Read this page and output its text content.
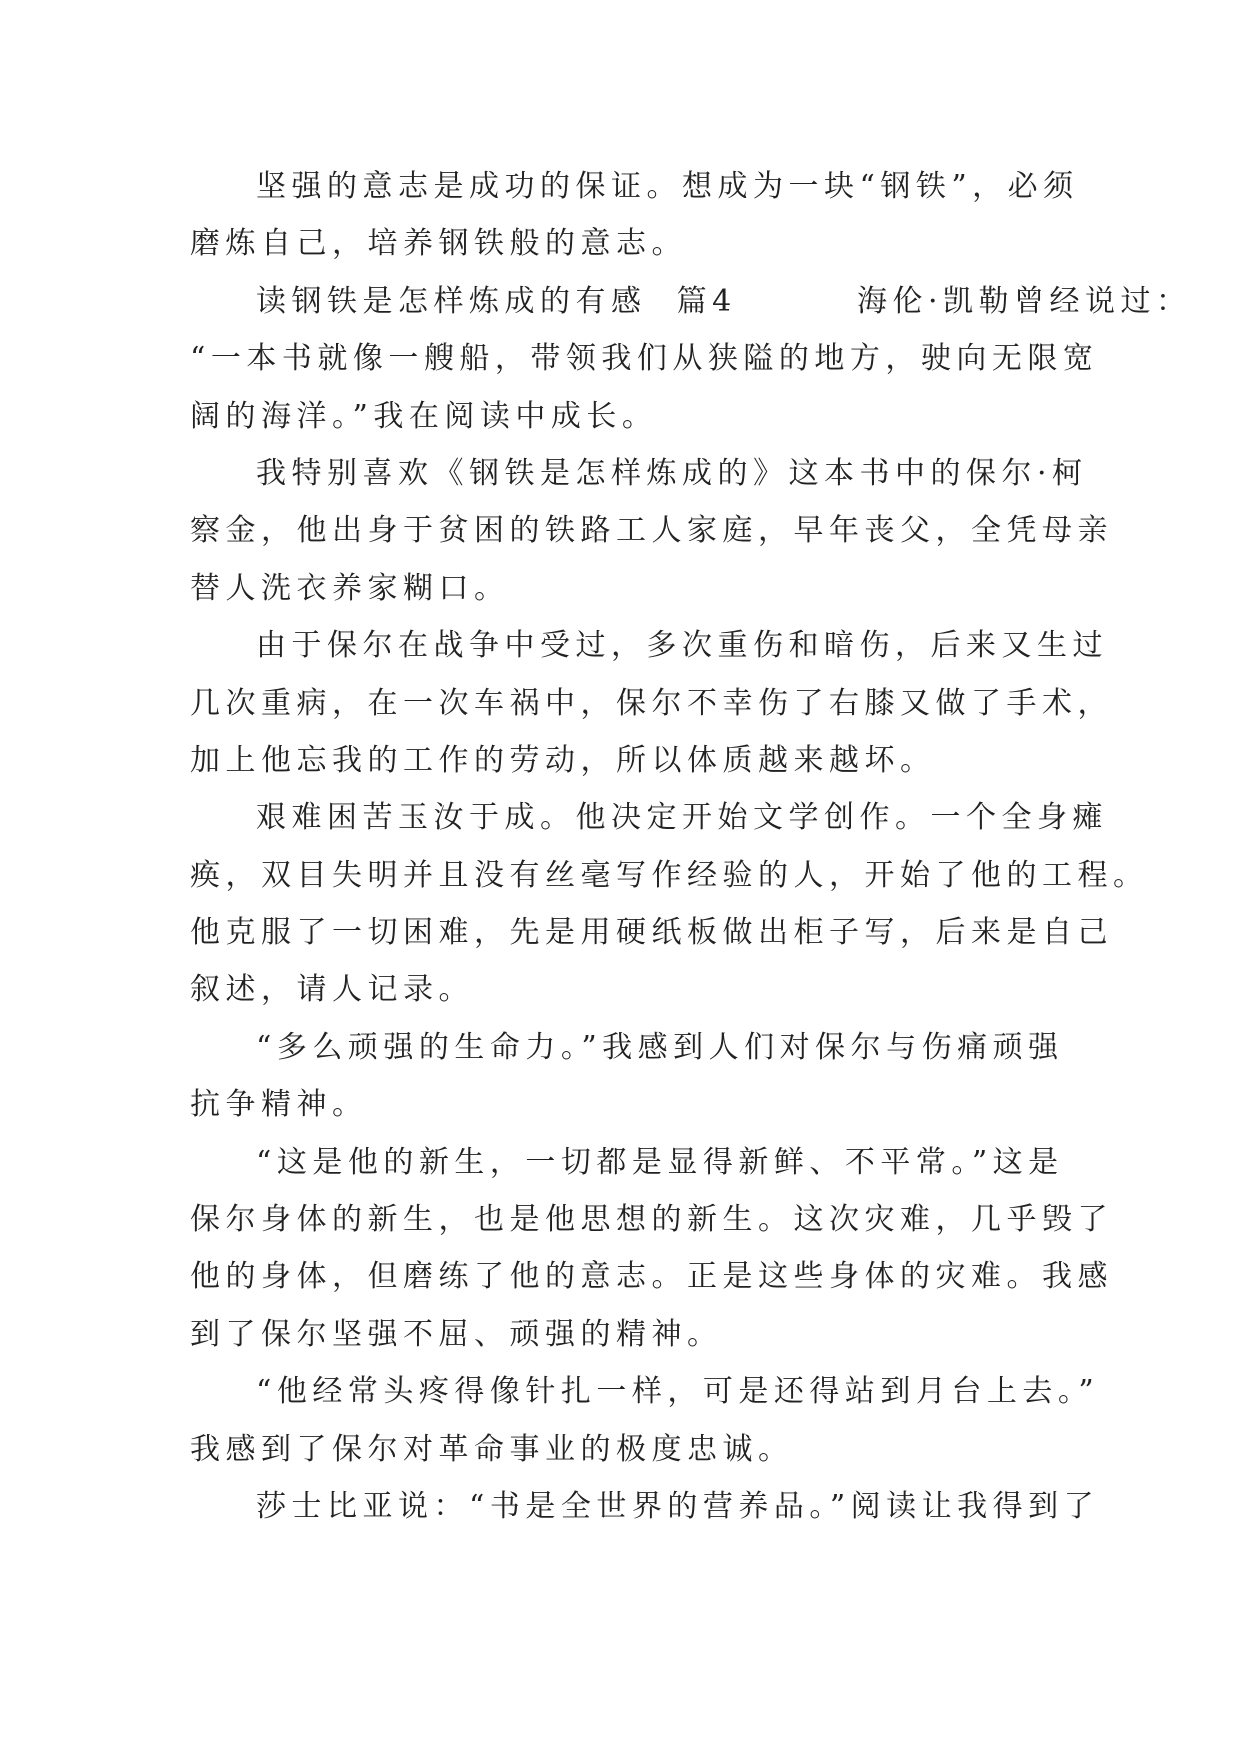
坚强的意志是成功的保证。想成为一块“钢铁”，必须
磨炼自己，培养钢铁般的意志。
读钢铁是怎样炼成的有感  篇4        海伦·凯勒曾经说过：
“一本书就像一艘船，带领我们从狭隘的地方，驶向无限宽
阔的海洋。”我在阅读中成长。
我特别喜欢《钢铁是怎样炼成的》这本书中的保尔·柯
察金，他出身于贫困的铁路工人家庭，早年丧父，全凭母亲
替人洗衣养家糊口。
由于保尔在战争中受过，多次重伤和暗伤，后来又生过
几次重病，在一次车祸中，保尔不幸伤了右膝又做了手术，
加上他忘我的工作的劳动，所以体质越来越坏。
艰难困苦玉汝于成。他决定开始文学创作。一个全身瘫
痪，双目失明并且没有丝毫写作经验的人，开始了他的工程。
他克服了一切困难，先是用硬纸板做出柜子写，后来是自己
叙述，请人记录。
“多么顽强的生命力。”我感到人们对保尔与伤痛顽强
抗争精神。
“这是他的新生，一切都是显得新鲜、不平常。”这是
保尔身体的新生，也是他思想的新生。这次灾难，几乎毁了
他的身体，但磨练了他的意志。正是这些身体的灾难。我感
到了保尔坚强不屈、顽强的精神。
“他经常头疼得像针扎一样，可是还得站到月台上去。”
我感到了保尔对革命事业的极度忠诚。
莎士比亚说：“书是全世界的营养品。”阅读让我得到了
